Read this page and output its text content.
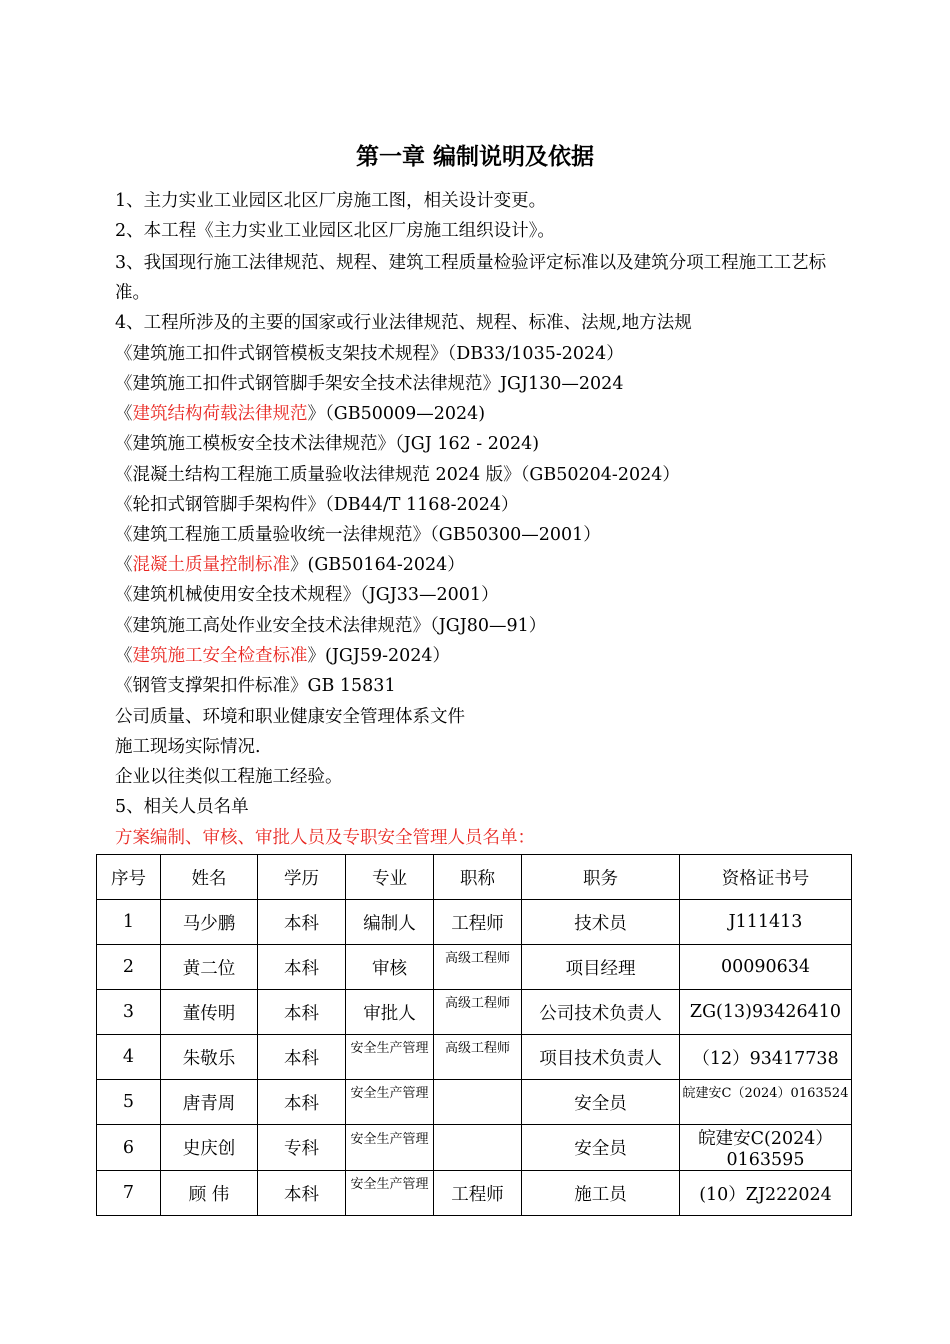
第一章 编制说明及依据
1、主力实业工业园区北区厂房施工图，相关设计变更。
2、本工程《主力实业工业园区北区厂房施工组织设计》。
3、我国现行施工法律规范、规程、建筑工程质量检验评定标准以及建筑分项工程施工工艺标准。
4、工程所涉及的主要的国家或行业法律规范、规程、标准、法规,地方法规
《建筑施工扣件式钢管模板支架技术规程》（DB33/1035-2024）
《建筑施工扣件式钢管脚手架安全技术法律规范》JGJ130—2024
《建筑结构荷载法律规范》（GB50009—2024)
《建筑施工模板安全技术法律规范》（JGJ 162 - 2024)
《混凝土结构工程施工质量验收法律规范 2024 版》（GB50204-2024）
《轮扣式钢管脚手架构件》（DB44/T 1168-2024）
《建筑工程施工质量验收统一法律规范》（GB50300—2001）
《混凝土质量控制标准》(GB50164-2024）
《建筑机械使用安全技术规程》（JGJ33—2001）
《建筑施工高处作业安全技术法律规范》（JGJ80—91）
《建筑施工安全检查标准》(JGJ59-2024）
《钢管支撑架扣件标准》GB 15831
公司质量、环境和职业健康安全管理体系文件
施工现场实际情况.
企业以往类似工程施工经验。
5、相关人员名单
方案编制、审核、审批人员及专职安全管理人员名单：
序号	姓名	学历	专业	职称	职务	资格证书号
1	马少鹏	本科	编制人	工程师	技术员	J111413
2	黄二位	本科	审核	高级工程师	项目经理	00090634
3	董传明	本科	审批人	高级工程师	公司技术负责人	ZG(13)93426410
4	朱敬乐	本科	安全生产管理	高级工程师	项目技术负责人	（12）93417738
5	唐青周	本科	安全生产管理		安全员	皖建安C（2024）0163524

6	史庆创	专科	安全生产管理		安全员	皖建安C(2024）0163595
7	顾 伟	本科	安全生产管理	工程师	施工员	(10）ZJ222024
